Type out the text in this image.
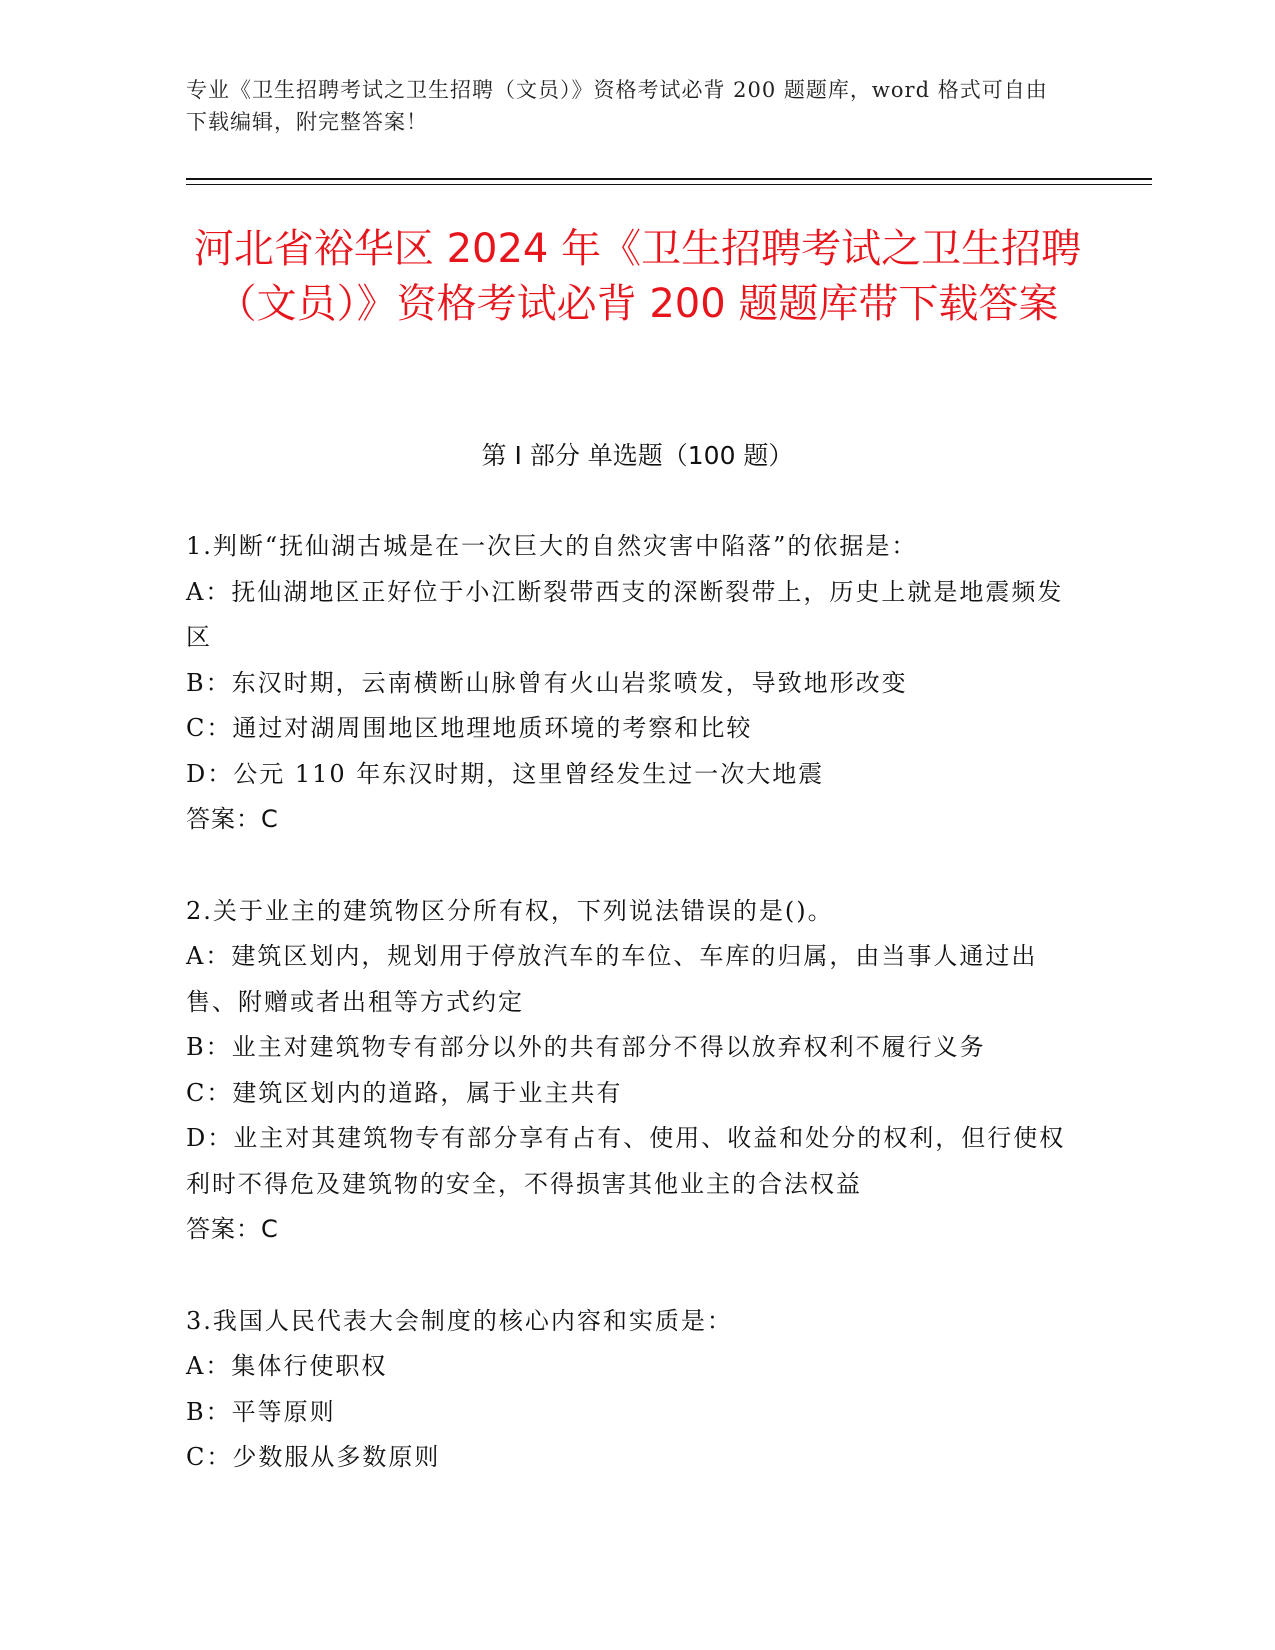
专业《卫生招聘考试之卫生招聘（文员）》资格考试必背 200 题题库，word 格式可自由下载编辑，附完整答案！
河北省裕华区 2024 年《卫生招聘考试之卫生招聘（文员）》资格考试必背 200 题题库带下载答案
第 I 部分 单选题（100 题）

1.判断“抚仙湖古城是在一次巨大的自然灾害中陷落”的依据是：

A：抚仙湖地区正好位于小江断裂带西支的深断裂带上，历史上就是地震频发区

B：东汉时期，云南横断山脉曾有火山岩浆喷发，导致地形改变

C：通过对湖周围地区地理地质环境的考察和比较

D：公元 110 年东汉时期，这里曾经发生过一次大地震

答案：C

2.关于业主的建筑物区分所有权，下列说法错误的是()。

A：建筑区划内，规划用于停放汽车的车位、车库的归属，由当事人通过出售、附赠或者出租等方式约定

B：业主对建筑物专有部分以外的共有部分不得以放弃权利不履行义务

C：建筑区划内的道路，属于业主共有

D：业主对其建筑物专有部分享有占有、使用、收益和处分的权利，但行使权利时不得危及建筑物的安全，不得损害其他业主的合法权益

答案：C

3.我国人民代表大会制度的核心内容和实质是：

A：集体行使职权

B：平等原则

C：少数服从多数原则
